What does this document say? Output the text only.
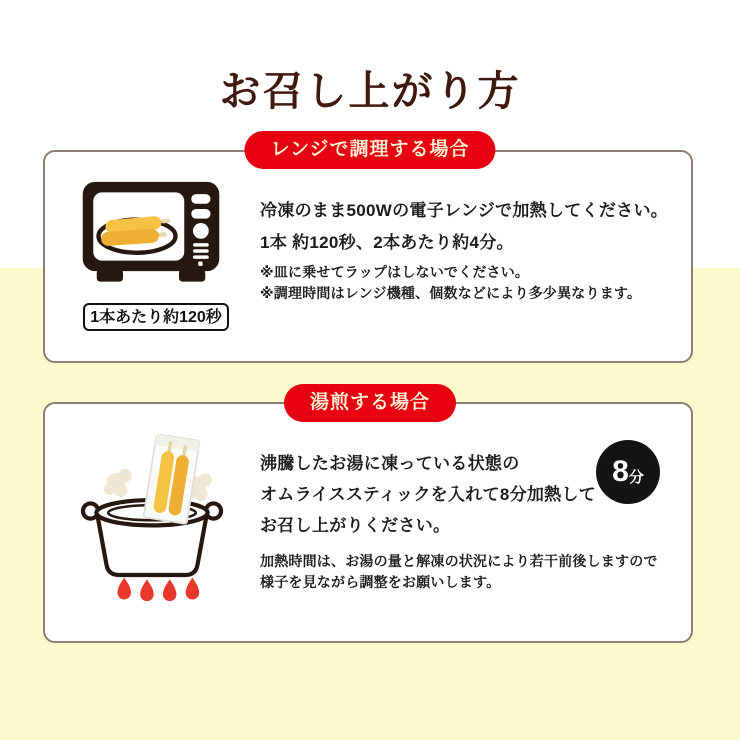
お召し上がり方
レンジで調理する場合
1本あたり約120秒
冷凍のまま500Wの電子レンジで加熱してください。
1本 約120秒、2本あたり約4分。
※皿に乗せてラップはしないでください。
※調理時間はレンジ機種、個数などにより多少異なります。
湯煎する場合
沸騰したお湯に凍っている状態の
オムライススティックを入れて8分加熱して
お召し上がりください。
8 分
加熱時間は、お湯の量と解凍の状況により若干前後しますので
様子を見ながら調整をお願いします。
